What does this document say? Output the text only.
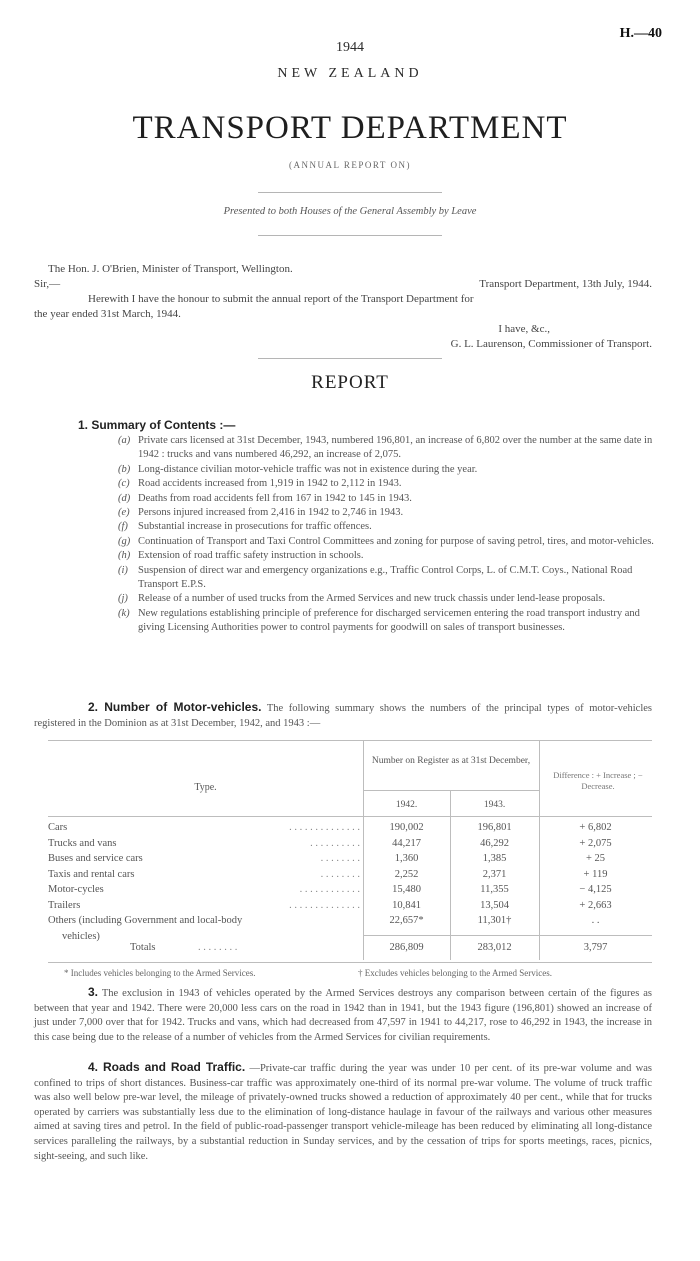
H.—40
1944
NEW ZEALAND
TRANSPORT DEPARTMENT
(ANNUAL REPORT ON)
Presented to both Houses of the General Assembly by Leave
The Hon. J. O'Brien, Minister of Transport, Wellington.
Sir,—	Transport Department, 13th July, 1944.
Herewith I have the honour to submit the annual report of the Transport Department for
the year ended 31st March, 1944.
I have, &c.,
G. L. Laurenson, Commissioner of Transport.
REPORT
1. Summary of Contents :—
(a) Private cars licensed at 31st December, 1943, numbered 196,801, an increase of 6,802 over the number at the same date in 1942 : trucks and vans numbered 46,292, an increase of 2,075.
(b) Long-distance civilian motor-vehicle traffic was not in existence during the year.
(c) Road accidents increased from 1,919 in 1942 to 2,112 in 1943.
(d) Deaths from road accidents fell from 167 in 1942 to 145 in 1943.
(e) Persons injured increased from 2,416 in 1942 to 2,746 in 1943.
(f) Substantial increase in prosecutions for traffic offences.
(g) Continuation of Transport and Taxi Control Committees and zoning for purpose of saving petrol, tires, and motor-vehicles.
(h) Extension of road traffic safety instruction in schools.
(i) Suspension of direct war and emergency organizations e.g., Traffic Control Corps, L. of C.M.T. Coys., National Road Transport E.P.S.
(j) Release of a number of used trucks from the Armed Services and new truck chassis under lend-lease proposals.
(k) New regulations establishing principle of preference for discharged servicemen entering the road transport industry and giving Licensing Authorities power to control payments for goodwill on sales of transport businesses.
2. Number of Motor-vehicles. The following summary shows the numbers of the principal types of motor-vehicles registered in the Dominion as at 31st December, 1942, and 1943 :—
Type.
Number on Register as at 31st December,
1942.	1943.
Difference : + Increase ; − Decrease.
Cars	. . . . . . . . . . . . . .	190,002	196,801	+ 6,802
Trucks and vans	. . . . . . . . . .	44,217	46,292	+ 2,075
Buses and service cars	. . . . . . . .	1,360	1,385	+ 25
Taxis and rental cars	. . . . . . . .	2,252	2,371	+ 119
Motor-cycles	. . . . . . . . . . . .	15,480	11,355	− 4,125
Trailers	. . . . . . . . . . . . . .	10,841	13,504	+ 2,663
Others (including Government and local-body	22,657*	11,301†	. .
vehicles)
Totals	. . . . . . . .	286,809	283,012	3,797
* Includes vehicles belonging to the Armed Services.	† Excludes vehicles belonging to the Armed Services.
3. The exclusion in 1943 of vehicles operated by the Armed Services destroys any comparison between certain of the figures as between that year and 1942. There were 20,000 less cars on the road in 1942 than in 1941, but the 1943 figure (196,801) showed an increase of just under 7,000 over that for 1942. Trucks and vans, which had decreased from 47,597 in 1941 to 44,217, rose to 46,292 in 1943, the increase in this case being due to the release of a number of vehicles from the Armed Services for civilian requirements.
4. Roads and Road Traffic. —Private-car traffic during the year was under 10 per cent. of its pre-war volume and was confined to trips of short distances. Business-car traffic was approximately one-third of its normal pre-war volume. The volume of truck traffic was also well below pre-war level, the mileage of privately-owned trucks showed a reduction of approximately 40 per cent., while that for trucks operated by carriers was substantially less due to the elimination of long-distance haulage in favour of the railways and various other measures aimed at saving tires and petrol. In the field of public-road-passenger transport vehicle-mileage has been reduced by eliminating all long-distance services paralleling the railways, by a substantial reduction in Sunday services, and by the cessation of trips for sports meetings, races, picnics, sight-seeing, and such like.
